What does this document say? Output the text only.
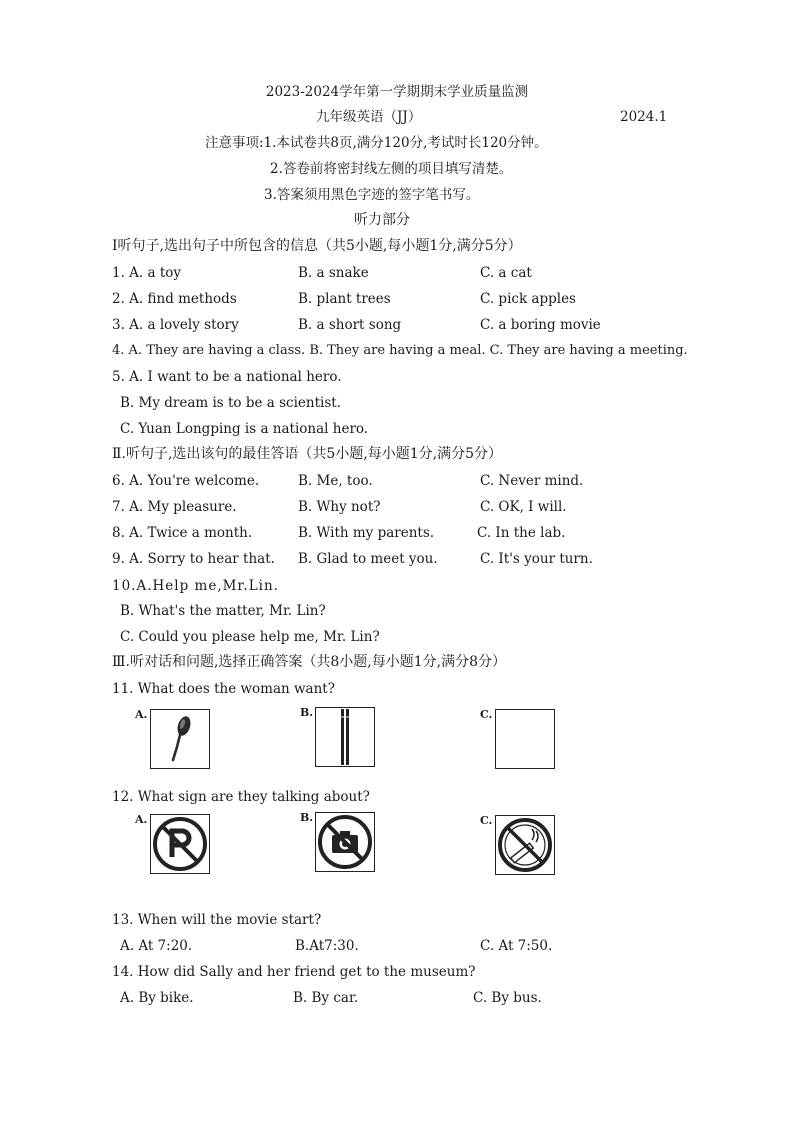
2023-2024学年第一学期期末学业质量监测
九年级英语（JJ）	2024.1
注意事项:1.本试卷共8页,满分120分,考试时长120分钟。
2.答卷前将密封线左侧的项目填写清楚。
3.答案须用黑色字迹的签字笔书写。
听力部分
Ⅰ听句子,选出句子中所包含的信息（共5小题,每小题1分,满分5分）
1. A. a toy	B. a snake	C. a cat
2. A. find methods	B. plant trees	C. pick apples
3. A. a lovely story	B. a short song	C. a boring movie
4. A. They are having a class. B. They are having a meal. C. They are having a meeting.
5. A. I want to be a national hero.
B. My dream is to be a scientist.
C. Yuan Longping is a national hero.
Ⅱ.听句子,选出该句的最佳答语（共5小题,每小题1分,满分5分）
6. A. You're welcome.	B. Me, too.	C. Never mind.
7. A. My pleasure.	B. Why not?	C. OK, I will.
8. A. Twice a month.	B. With my parents.	C. In the lab.
9. A. Sorry to hear that. B. Glad to meet you.	C. It's your turn.
10.A.Help me,Mr.Lin.
B. What's the matter, Mr. Lin?
C. Could you please help me, Mr. Lin?
Ⅲ.听对话和问题,选择正确答案（共8小题,每小题1分,满分8分）
11. What does the woman want?
A.	B.	C.
12. What sign are they talking about?
A.	B.	C.
13. When will the movie start?
A. At 7:20.	B.At7:30.	C. At 7:50.
14. How did Sally and her friend get to the museum?
A. By bike.	B. By car.	C. By bus.
